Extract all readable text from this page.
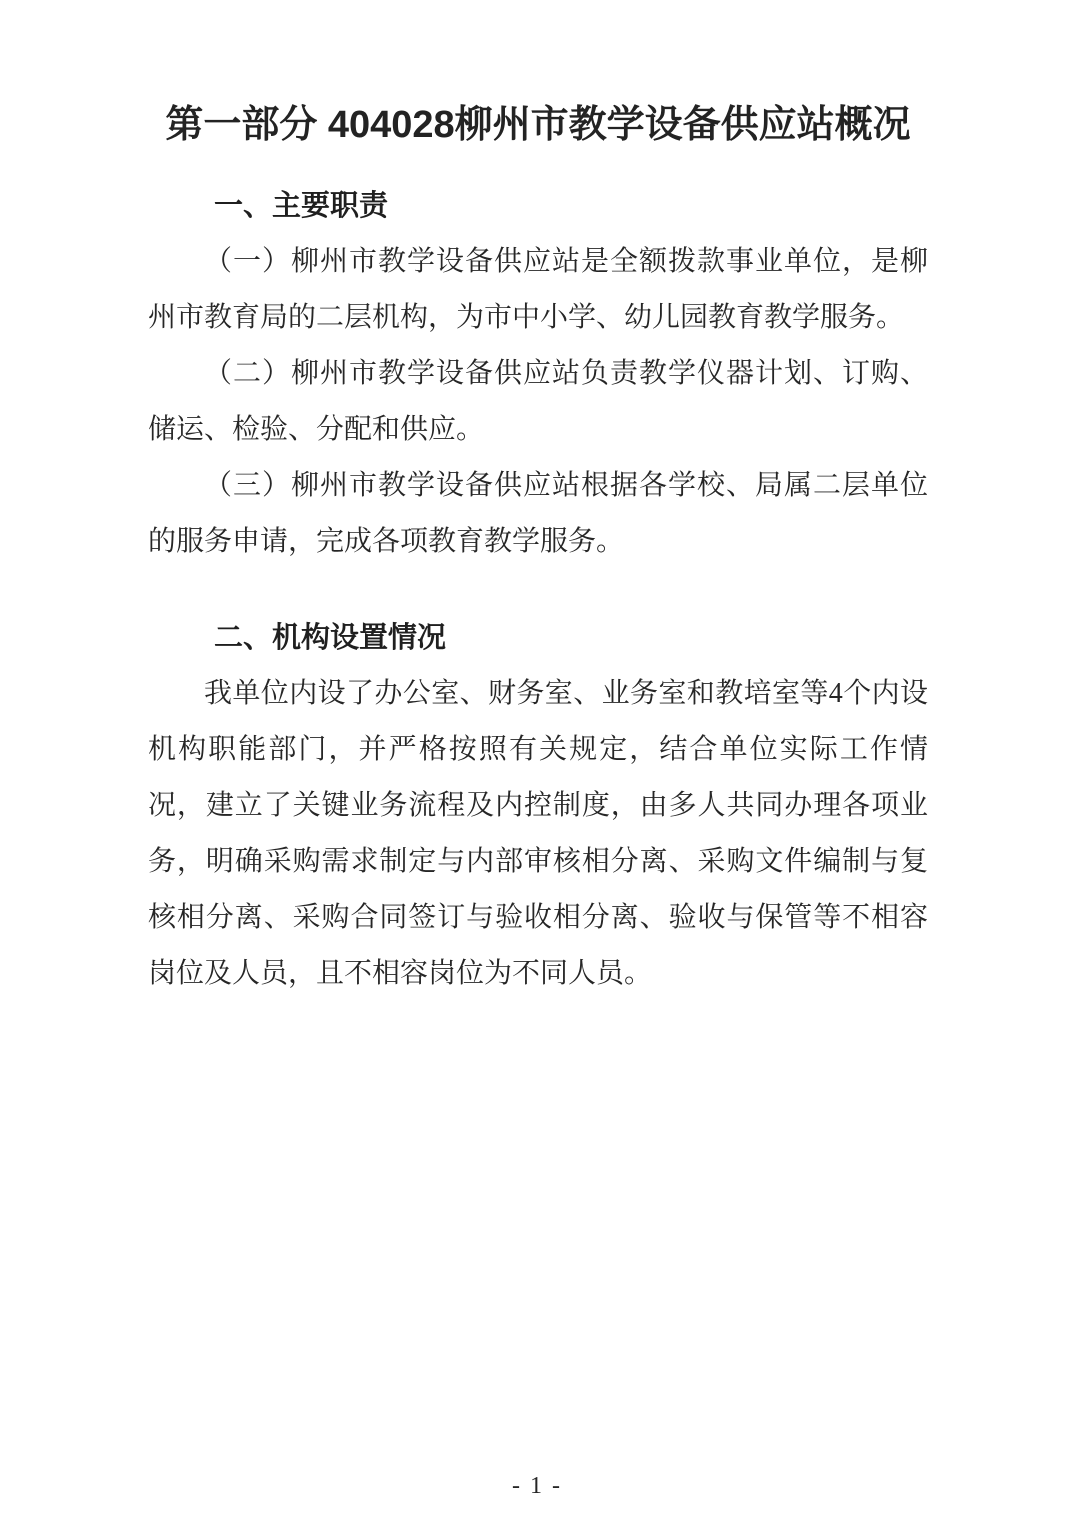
第一部分 404028柳州市教学设备供应站概况
一、主要职责

（一）柳州市教学设备供应站是全额拨款事业单位，是柳州市教育局的二层机构，为市中小学、幼儿园教育教学服务。

（二）柳州市教学设备供应站负责教学仪器计划、订购、储运、检验、分配和供应。

（三）柳州市教学设备供应站根据各学校、局属二层单位的服务申请，完成各项教育教学服务。

二、机构设置情况

我单位内设了办公室、财务室、业务室和教培室等4个内设机构职能部门，并严格按照有关规定，结合单位实际工作情况，建立了关键业务流程及内控制度，由多人共同办理各项业务，明确采购需求制定与内部审核相分离、采购文件编制与复核相分离、采购合同签订与验收相分离、验收与保管等不相容岗位及人员，且不相容岗位为不同人员。

- 1 -
